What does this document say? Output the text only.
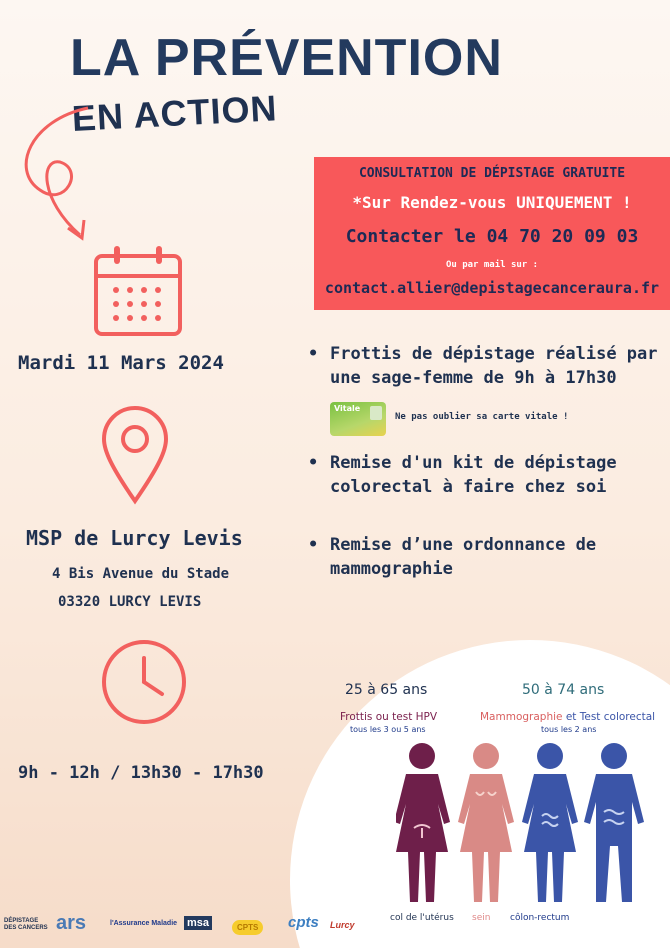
LA PRÉVENTION
EN ACTION
CONSULTATION DE DÉPISTAGE GRATUITE
*Sur Rendez-vous UNIQUEMENT !
Contacter le 04 70 20 09 03
Ou par mail sur :
contact.allier@depistagecanceraura.fr
Mardi 11 Mars 2024
MSP de Lurcy Levis
4 Bis Avenue du Stade
03320 LURCY LEVIS
9h - 12h / 13h30 - 17h30
• Frottis de dépistage réalisé par une sage-femme de 9h à 17h30
Vitale
Ne pas oublier sa carte vitale !
• Remise d'un kit de dépistage colorectal à faire chez soi
• Remise d’une ordonnance de mammographie
25 à 65 ans	50 à 74 ans
Frottis ou test HPV
tous les 3 ou 5 ans
Mammographie et Test colorectal
tous les 2 ans
col de l'utérus sein côlon-rectum
DÉPISTAGE DES CANCERS ars	l'Assurance Maladie msa	CPTS	cpts Lurcy
